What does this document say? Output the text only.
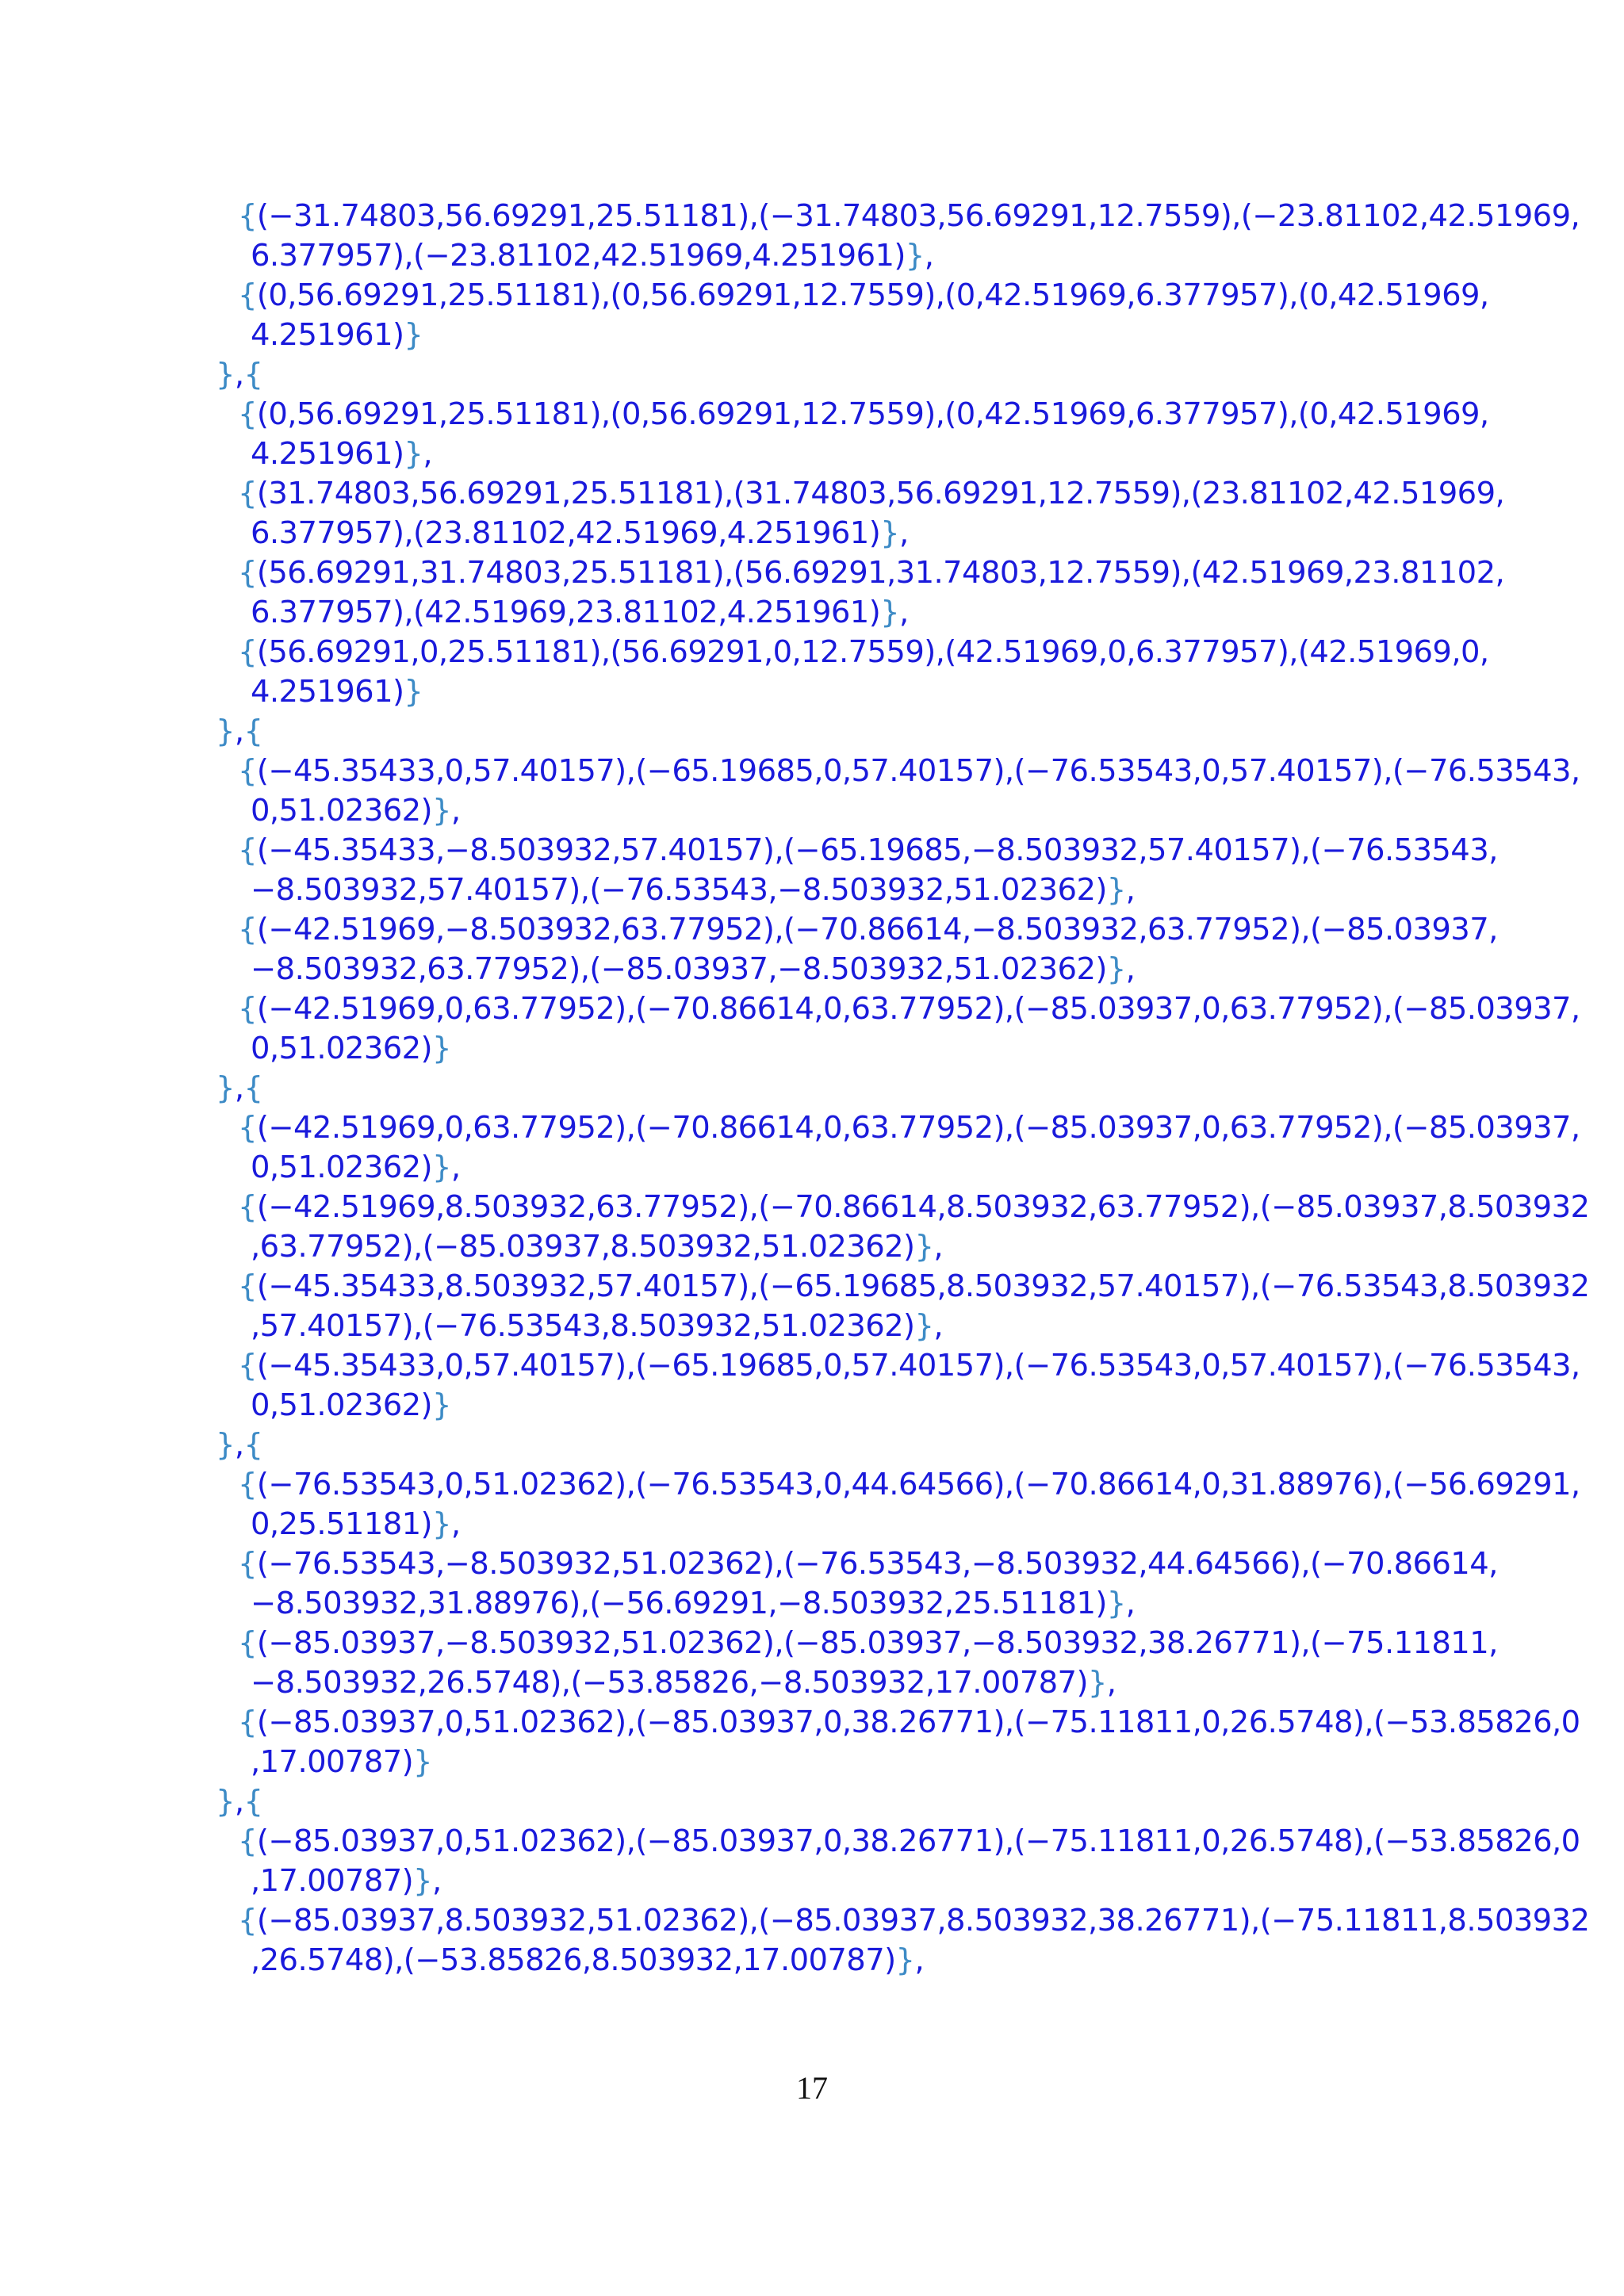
{(−31.74803,56.69291,25.51181),(−31.74803,56.69291,12.7559),(−23.81102,42.51969,
6.377957),(−23.81102,42.51969,4.251961)},
{(0,56.69291,25.51181),(0,56.69291,12.7559),(0,42.51969,6.377957),(0,42.51969,
4.251961)}
},{
{(0,56.69291,25.51181),(0,56.69291,12.7559),(0,42.51969,6.377957),(0,42.51969,
4.251961)},
{(31.74803,56.69291,25.51181),(31.74803,56.69291,12.7559),(23.81102,42.51969,
6.377957),(23.81102,42.51969,4.251961)},
{(56.69291,31.74803,25.51181),(56.69291,31.74803,12.7559),(42.51969,23.81102,
6.377957),(42.51969,23.81102,4.251961)},
{(56.69291,0,25.51181),(56.69291,0,12.7559),(42.51969,0,6.377957),(42.51969,0,
4.251961)}
},{
{(−45.35433,0,57.40157),(−65.19685,0,57.40157),(−76.53543,0,57.40157),(−76.53543,
0,51.02362)},
{(−45.35433,−8.503932,57.40157),(−65.19685,−8.503932,57.40157),(−76.53543,
−8.503932,57.40157),(−76.53543,−8.503932,51.02362)},
{(−42.51969,−8.503932,63.77952),(−70.86614,−8.503932,63.77952),(−85.03937,
−8.503932,63.77952),(−85.03937,−8.503932,51.02362)},
{(−42.51969,0,63.77952),(−70.86614,0,63.77952),(−85.03937,0,63.77952),(−85.03937,
0,51.02362)}
},{
{(−42.51969,0,63.77952),(−70.86614,0,63.77952),(−85.03937,0,63.77952),(−85.03937,
0,51.02362)},
{(−42.51969,8.503932,63.77952),(−70.86614,8.503932,63.77952),(−85.03937,8.503932
,63.77952),(−85.03937,8.503932,51.02362)},
{(−45.35433,8.503932,57.40157),(−65.19685,8.503932,57.40157),(−76.53543,8.503932
,57.40157),(−76.53543,8.503932,51.02362)},
{(−45.35433,0,57.40157),(−65.19685,0,57.40157),(−76.53543,0,57.40157),(−76.53543,
0,51.02362)}
},{
{(−76.53543,0,51.02362),(−76.53543,0,44.64566),(−70.86614,0,31.88976),(−56.69291,
0,25.51181)},
{(−76.53543,−8.503932,51.02362),(−76.53543,−8.503932,44.64566),(−70.86614,
−8.503932,31.88976),(−56.69291,−8.503932,25.51181)},
{(−85.03937,−8.503932,51.02362),(−85.03937,−8.503932,38.26771),(−75.11811,
−8.503932,26.5748),(−53.85826,−8.503932,17.00787)},
{(−85.03937,0,51.02362),(−85.03937,0,38.26771),(−75.11811,0,26.5748),(−53.85826,0
,17.00787)}
},{
{(−85.03937,0,51.02362),(−85.03937,0,38.26771),(−75.11811,0,26.5748),(−53.85826,0
,17.00787)},
{(−85.03937,8.503932,51.02362),(−85.03937,8.503932,38.26771),(−75.11811,8.503932
,26.5748),(−53.85826,8.503932,17.00787)},
17
